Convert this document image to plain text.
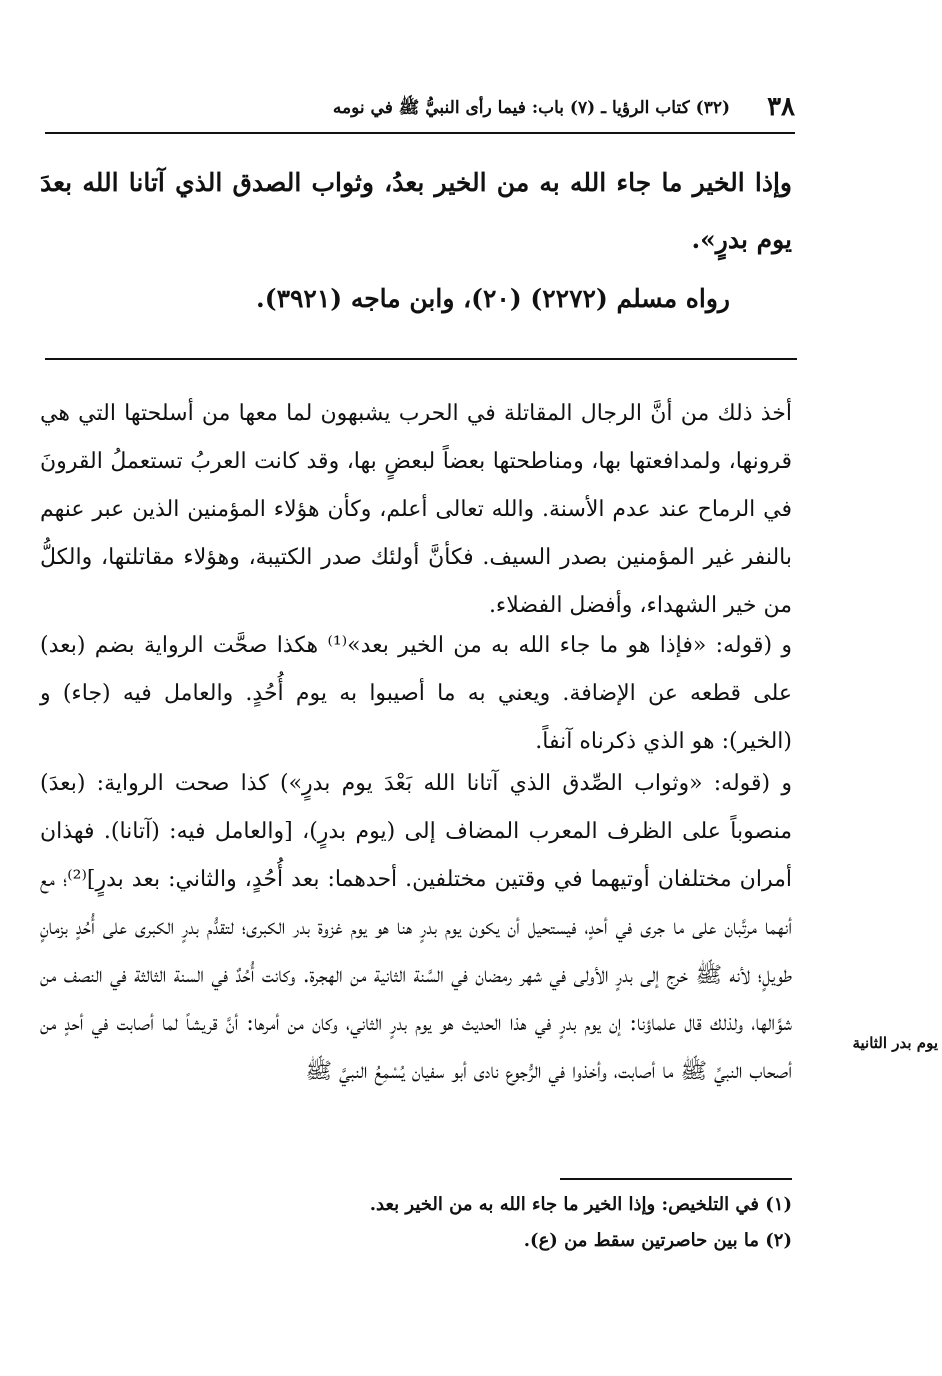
٣٨
(٣٢) كتاب الرؤيا ـ (٧) باب: فيما رأى النبيُّ ﷺ في نومه
وإذا الخير ما جاء الله به من الخير بعدُ، وثواب الصدق الذي آتانا الله بعدَ
يوم بدرٍ».
رواه مسلم (٢٢٧٢) (٢٠)، وابن ماجه (٣٩٢١).
أخذ ذلك من أنَّ الرجال المقاتلة في الحرب يشبهون لما معها من أسلحتها التي هي قرونها، ولمدافعتها بها، ومناطحتها بعضاً لبعضٍ بها، وقد كانت العربُ تستعملُ القرونَ في الرماح عند عدم الأسنة. والله تعالى أعلم، وكأن هؤلاء المؤمنين الذين عبر عنهم بالنفر غير المؤمنين بصدر السيف. فكأنَّ أولئك صدر الكتيبة، وهؤلاء مقاتلتها، والكلُّ من خير الشهداء، وأفضل الفضلاء.
و (قوله: «فإذا هو ما جاء الله به من الخير بعد»⁽¹⁾ هكذا صحَّت الرواية بضم (بعد) على قطعه عن الإضافة. ويعني به ما أصيبوا به يوم أُحُدٍ. والعامل فيه (جاء) و (الخير): هو الذي ذكرناه آنفاً.
و (قوله: «وثواب الصِّدق الذي آتانا الله بَعْدَ يوم بدرٍ») كذا صحت الرواية: (بعدَ) منصوباً على الظرف المعرب المضاف إلى (يوم بدرٍ)، [والعامل فيه: (آتانا). فهذان أمران مختلفان أوتيهما في وقتين مختلفين. أحدهما: بعد أُحُدٍ، والثاني: بعد بدرٍ]⁽²⁾؛ مع أنهما مرتَّبان على ما جرى في أحدٍ، فيستحيل أن يكون يوم بدرٍ هنا هو يوم غزوة بدر الكبرى؛ لتقدُّم بدرٍ الكبرى على أُحُدٍ بزمانٍ طويلٍ؛ لأنه ﷺ خرج إلى بدرٍ الأولى في شهر رمضان في السَّنة الثانية من الهجرة. وكانت أُحُدٌ في السنة الثالثة في النصف من شوَّالها، ولذلك قال علماؤنا: إن يوم بدرٍ في هذا الحديث هو يوم بدرٍ الثاني، وكان من أمرها: أنَّ قريشاً لما أصابت في أحدٍ من أصحاب النبيِّ ﷺ ما أصابت، وأخذوا في الرُّجوع نادى أبو سفيان يُسْمِعُ النبيَّ ﷺ
يوم بدر الثانية
(١) في التلخيص: وإذا الخير ما جاء الله به من الخير بعد.
(٢) ما بين حاصرتين سقط من (ع).
